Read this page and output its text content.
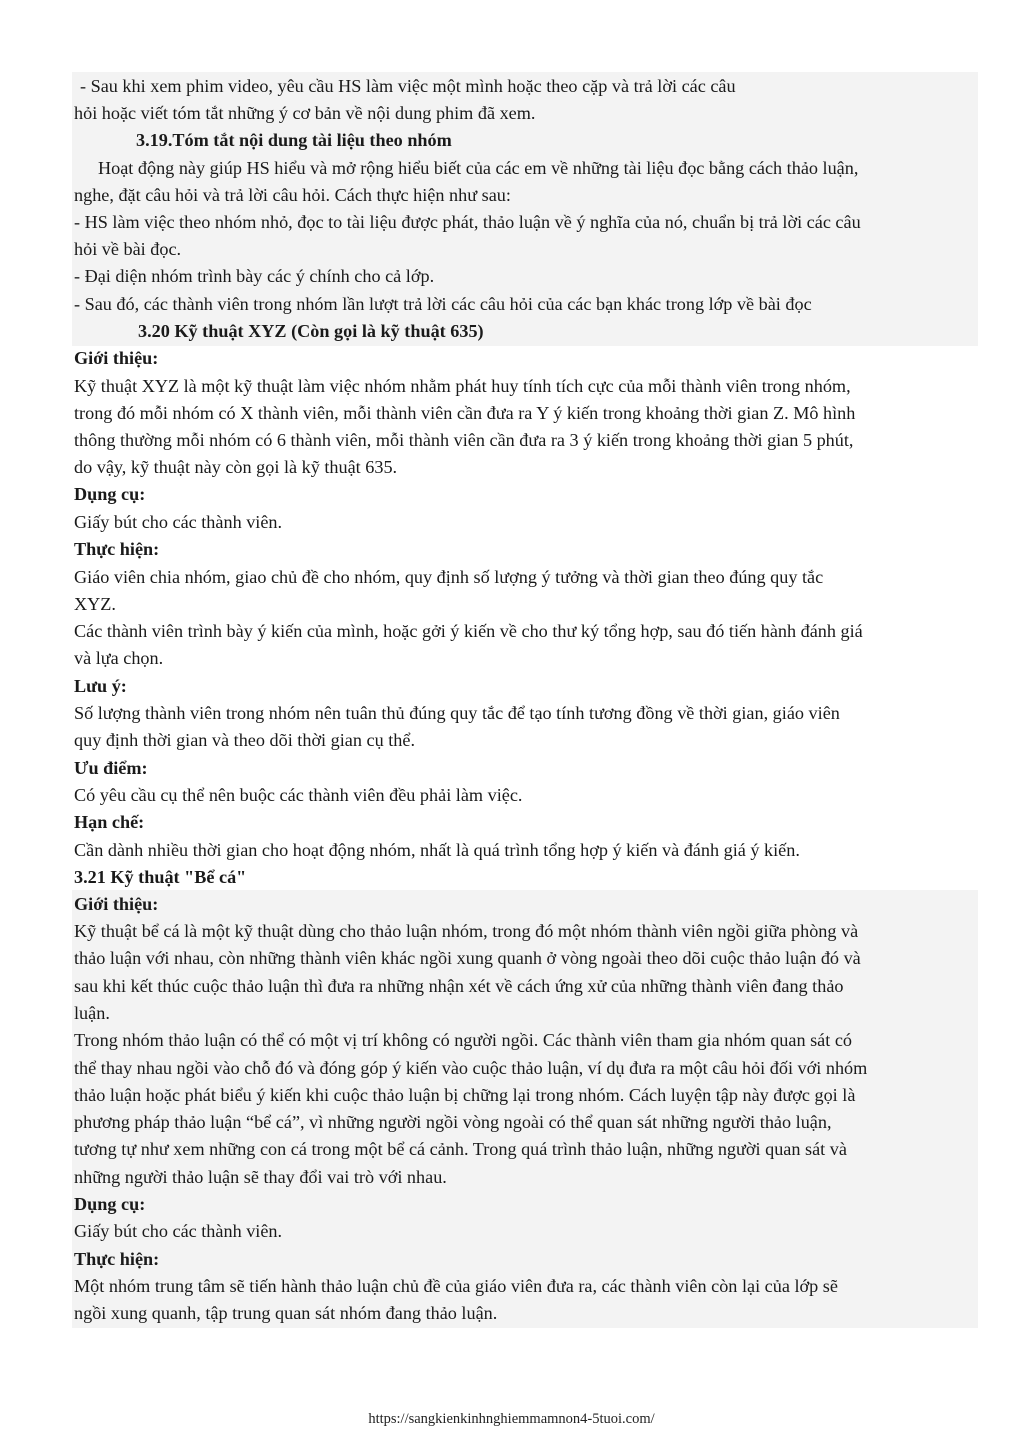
- Sau khi xem phim video, yêu cầu HS làm việc một mình hoặc theo cặp và trả lời các câu

hỏi hoặc viết tóm tắt những ý cơ bản về nội dung phim đã xem.

3.19.Tóm tắt nội dung tài liệu theo nhóm

Hoạt động này giúp HS hiểu và mở rộng hiểu biết của các em về những tài liệu đọc bằng cách thảo luận,

nghe, đặt câu hỏi và trả lời câu hỏi. Cách thực hiện như sau:

- HS làm việc theo nhóm nhỏ, đọc to tài liệu được phát, thảo luận về ý nghĩa của nó, chuẩn bị trả lời các câu

hỏi về bài đọc.

- Đại diện nhóm trình bày các ý chính cho cả lớp.

- Sau đó, các thành viên trong nhóm lần lượt trả lời các câu hỏi của các bạn khác trong lớp về bài đọc

3.20 Kỹ thuật XYZ (Còn gọi là kỹ thuật 635)

Giới thiệu:

Kỹ thuật XYZ là một kỹ thuật làm việc nhóm nhằm phát huy tính tích cực của mỗi thành viên trong nhóm,

trong đó mỗi nhóm có X thành viên, mỗi thành viên cần đưa ra Y ý kiến trong khoảng thời gian Z. Mô hình

thông thường mỗi nhóm có 6 thành viên, mỗi thành viên cần đưa ra 3 ý kiến trong khoảng thời gian 5 phút,

do vậy, kỹ thuật này còn gọi là kỹ thuật 635.

Dụng cụ:

Giấy bút cho các thành viên.

Thực hiện:

Giáo viên chia nhóm, giao chủ đề cho nhóm, quy định số lượng ý tưởng và thời gian theo đúng quy tắc

XYZ.

Các thành viên trình bày ý kiến của mình, hoặc gởi ý kiến về cho thư ký tổng hợp, sau đó tiến hành đánh giá

và lựa chọn.

Lưu ý:

Số lượng thành viên trong nhóm nên tuân thủ đúng quy tắc để tạo tính tương đồng về thời gian, giáo viên

quy định thời gian và theo dõi thời gian cụ thể.

Ưu điểm:

Có yêu cầu cụ thể nên buộc các thành viên đều phải làm việc.

Hạn chế:

Cần dành nhiều thời gian cho hoạt động nhóm, nhất là quá trình tổng hợp ý kiến và đánh giá ý kiến.

3.21 Kỹ thuật "Bể cá"

Giới thiệu:

Kỹ thuật bể cá là một kỹ thuật dùng cho thảo luận nhóm, trong đó một nhóm thành viên ngồi giữa phòng và

thảo luận với nhau, còn những thành viên khác ngồi xung quanh ở vòng ngoài theo dõi cuộc thảo luận đó và

sau khi kết thúc cuộc thảo luận thì đưa ra những nhận xét về cách ứng xử của những thành viên đang thảo

luận.

Trong nhóm thảo luận có thể có một vị trí không có người ngồi. Các thành viên tham gia nhóm quan sát có

thể thay nhau ngồi vào chỗ đó và đóng góp ý kiến vào cuộc thảo luận, ví dụ đưa ra một câu hỏi đối với nhóm

thảo luận hoặc phát biểu ý kiến khi cuộc thảo luận bị chững lại trong nhóm. Cách luyện tập này được gọi là

phương pháp thảo luận “bể cá”, vì những người ngồi vòng ngoài có thể quan sát những người thảo luận,

tương tự như xem những con cá trong một bể cá cảnh. Trong quá trình thảo luận, những người quan sát và

những người thảo luận sẽ thay đổi vai trò với nhau.

Dụng cụ:

Giấy bút cho các thành viên.

Thực hiện:

Một nhóm trung tâm sẽ tiến hành thảo luận chủ đề của giáo viên đưa ra, các thành viên còn lại của lớp sẽ

ngồi xung quanh, tập trung quan sát nhóm đang thảo luận.

https://sangkienkinhnghiemmamnon4-5tuoi.com/
